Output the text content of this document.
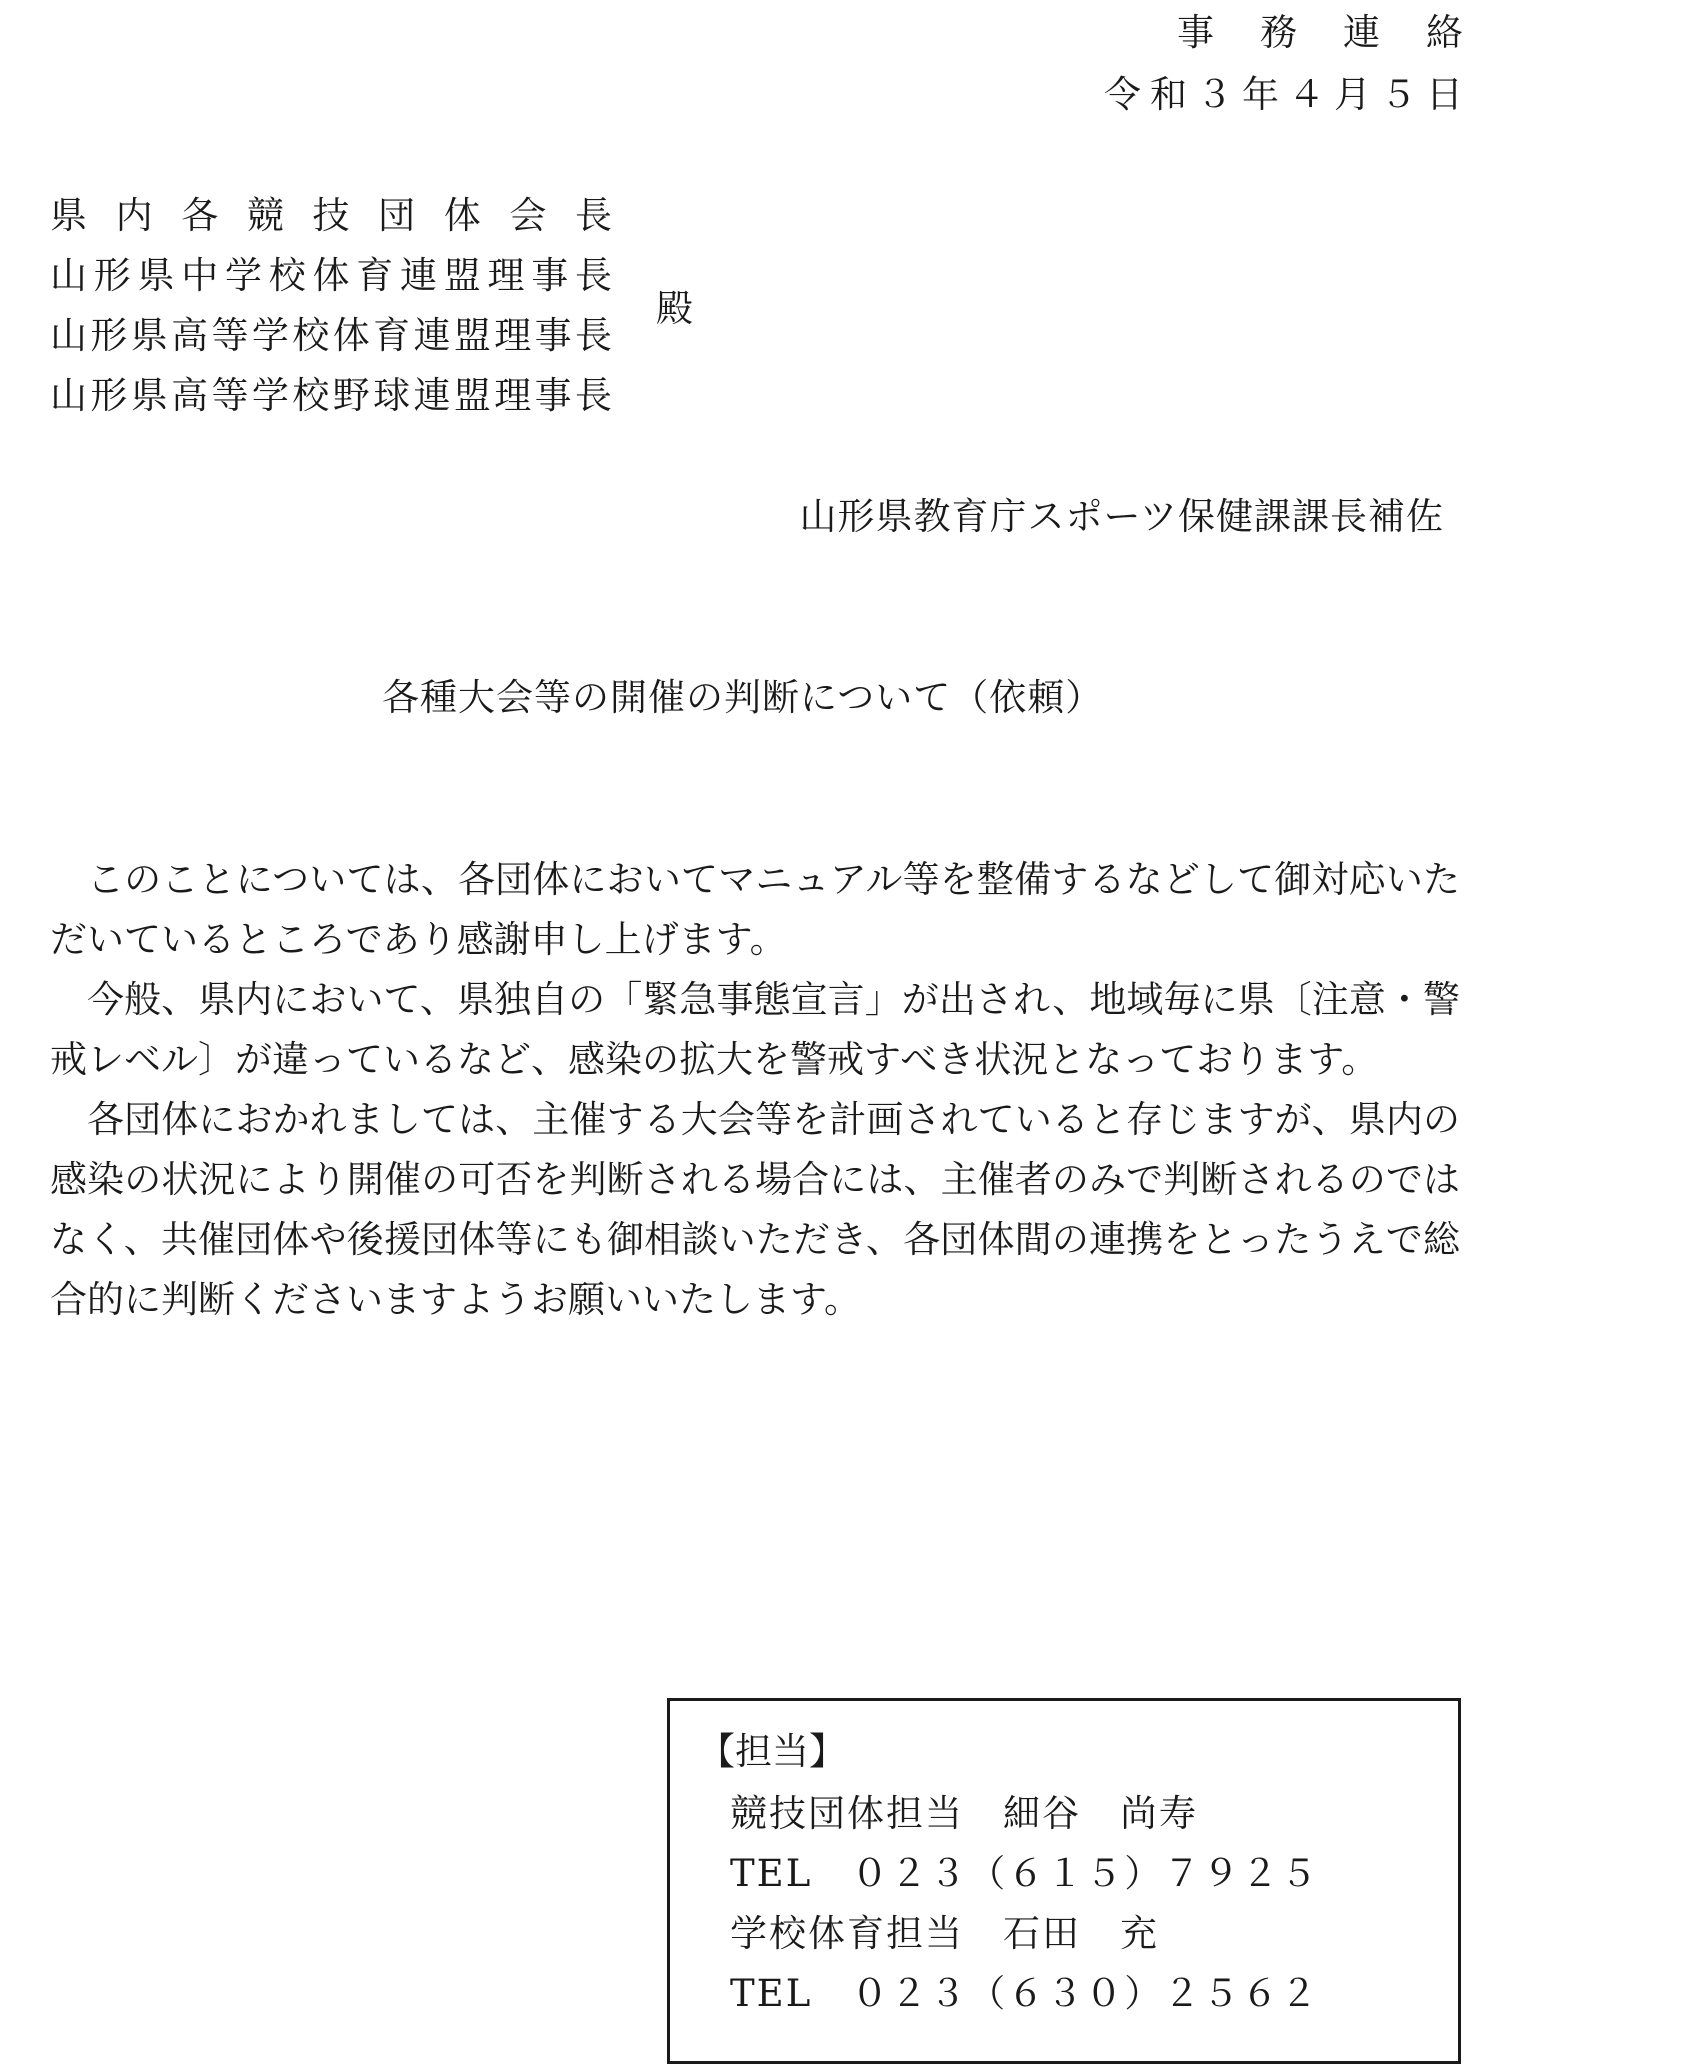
事務連絡
令和３年４月５日
県内各競技団体会長
山形県中学校体育連盟理事長
山形県高等学校体育連盟理事長
山形県高等学校野球連盟理事長
殿
山形県教育庁スポーツ保健課課長補佐
各種大会等の開催の判断について（依頼）

このことについては、各団体においてマニュアル等を整備するなどして御対応いただいているところであり感謝申し上げます。

今般、県内において、県独自の「緊急事態宣言」が出され、地域毎に県〔注意・警戒レベル〕が違っているなど、感染の拡大を警戒すべき状況となっております。

各団体におかれましては、主催する大会等を計画されていると存じますが、県内の感染の状況により開催の可否を判断される場合には、主催者のみで判断されるのではなく、共催団体や後援団体等にも御相談いただき、各団体間の連携をとったうえで総合的に判断くださいますようお願いいたします。

【担当】
競技団体担当　細谷　尚寿
TEL　０２３（６１５）７９２５
学校体育担当　石田　充
TEL　０２３（６３０）２５６２
